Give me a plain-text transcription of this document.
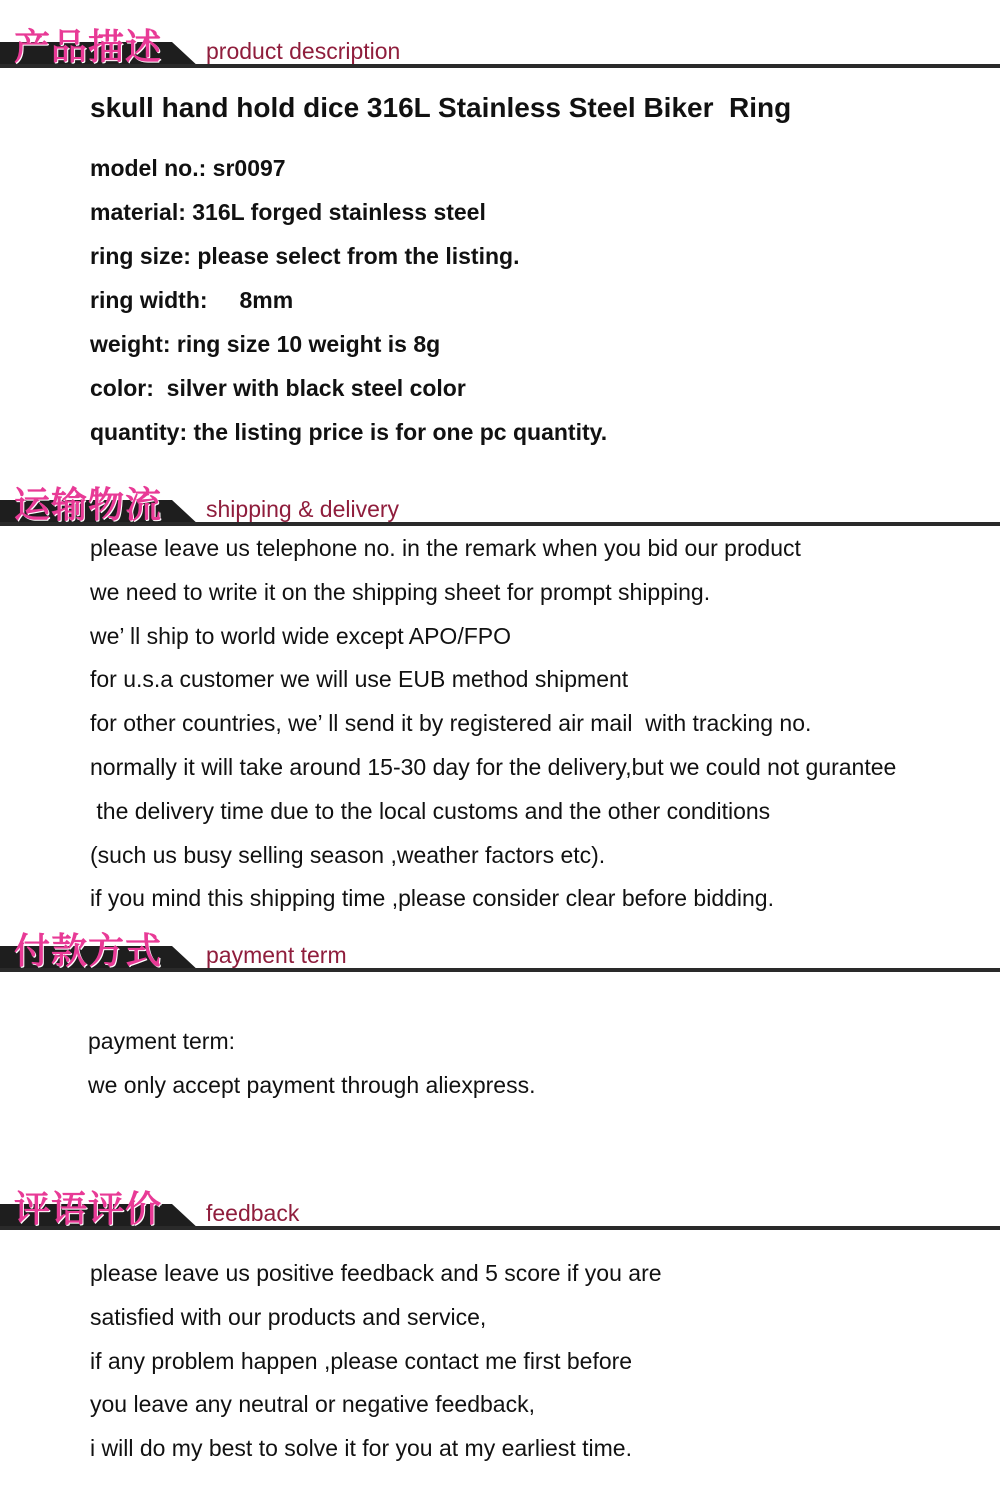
产品描述 product description
skull hand hold dice 316L Stainless Steel Biker  Ring
model no.: sr0097
material: 316L forged stainless steel
ring size: please select from the listing.
ring width:     8mm
weight: ring size 10 weight is 8g
color:  silver with black steel color
quantity: the listing price is for one pc quantity.
运输物流 shipping & delivery
please leave us telephone no. in the remark when you bid our product
we need to write it on the shipping sheet for prompt shipping.
we’ ll ship to world wide except APO/FPO
for u.s.a customer we will use EUB method shipment
for other countries, we’ ll send it by registered air mail  with tracking no.
normally it will take around 15-30 day for the delivery,but we could not gurantee
the delivery time due to the local customs and the other conditions
(such us busy selling season ,weather factors etc).
if you mind this shipping time ,please consider clear before bidding.
付款方式 payment term
payment term:
we only accept payment through aliexpress.
评语评价 feedback
please leave us positive feedback and 5 score if you are
satisfied with our products and service,
if any problem happen ,please contact me first before
you leave any neutral or negative feedback,
i will do my best to solve it for you at my earliest time.
